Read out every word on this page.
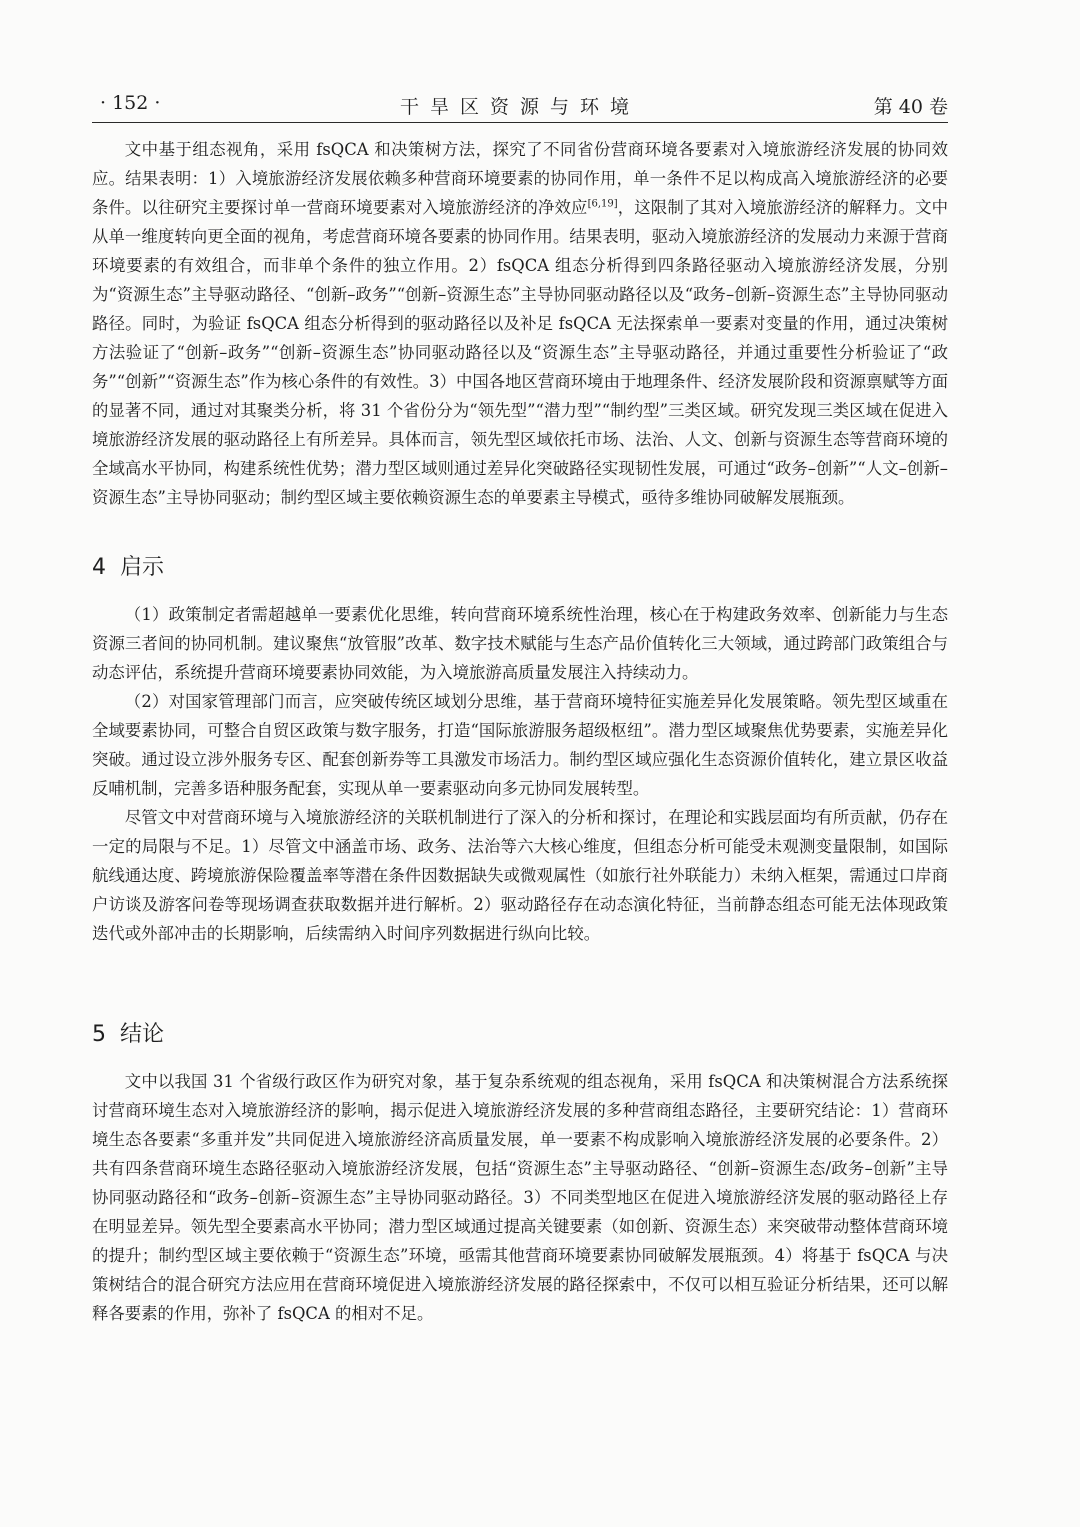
· 152 ·	干旱区资源与环境	第 40 卷

文中基于组态视角，采用 fsQCA 和决策树方法，探究了不同省份营商环境各要素对入境旅游经济发展的协同效应。结果表明：1）入境旅游经济发展依赖多种营商环境要素的协同作用，单一条件不足以构成高入境旅游经济的必要条件。以往研究主要探讨单一营商环境要素对入境旅游经济的净效应[6,19]，这限制了其对入境旅游经济的解释力。文中从单一维度转向更全面的视角，考虑营商环境各要素的协同作用。结果表明，驱动入境旅游经济的发展动力来源于营商环境要素的有效组合，而非单个条件的独立作用。2）fsQCA 组态分析得到四条路径驱动入境旅游经济发展，分别为“资源生态”主导驱动路径、“创新–政务”“创新–资源生态”主导协同驱动路径以及“政务–创新–资源生态”主导协同驱动路径。同时，为验证 fsQCA 组态分析得到的驱动路径以及补足 fsQCA 无法探索单一要素对变量的作用，通过决策树方法验证了“创新–政务”“创新–资源生态”协同驱动路径以及“资源生态”主导驱动路径，并通过重要性分析验证了“政务”“创新”“资源生态”作为核心条件的有效性。3）中国各地区营商环境由于地理条件、经济发展阶段和资源禀赋等方面的显著不同，通过对其聚类分析，将 31 个省份分为“领先型”“潜力型”“制约型”三类区域。研究发现三类区域在促进入境旅游经济发展的驱动路径上有所差异。具体而言，领先型区域依托市场、法治、人文、创新与资源生态等营商环境的全域高水平协同，构建系统性优势；潜力型区域则通过差异化突破路径实现韧性发展，可通过“政务–创新”“人文–创新–资源生态”主导协同驱动；制约型区域主要依赖资源生态的单要素主导模式，亟待多维协同破解发展瓶颈。

4 启示

（1）政策制定者需超越单一要素优化思维，转向营商环境系统性治理，核心在于构建政务效率、创新能力与生态资源三者间的协同机制。建议聚焦“放管服”改革、数字技术赋能与生态产品价值转化三大领域，通过跨部门政策组合与动态评估，系统提升营商环境要素协同效能，为入境旅游高质量发展注入持续动力。

（2）对国家管理部门而言，应突破传统区域划分思维，基于营商环境特征实施差异化发展策略。领先型区域重在全域要素协同，可整合自贸区政策与数字服务，打造“国际旅游服务超级枢纽”。潜力型区域聚焦优势要素，实施差异化突破。通过设立涉外服务专区、配套创新券等工具激发市场活力。制约型区域应强化生态资源价值转化，建立景区收益反哺机制，完善多语种服务配套，实现从单一要素驱动向多元协同发展转型。

尽管文中对营商环境与入境旅游经济的关联机制进行了深入的分析和探讨，在理论和实践层面均有所贡献，仍存在一定的局限与不足。1）尽管文中涵盖市场、政务、法治等六大核心维度，但组态分析可能受未观测变量限制，如国际航线通达度、跨境旅游保险覆盖率等潜在条件因数据缺失或微观属性（如旅行社外联能力）未纳入框架，需通过口岸商户访谈及游客问卷等现场调查获取数据并进行解析。2）驱动路径存在动态演化特征，当前静态组态可能无法体现政策迭代或外部冲击的长期影响，后续需纳入时间序列数据进行纵向比较。

5 结论

文中以我国 31 个省级行政区作为研究对象，基于复杂系统观的组态视角，采用 fsQCA 和决策树混合方法系统探讨营商环境生态对入境旅游经济的影响，揭示促进入境旅游经济发展的多种营商组态路径，主要研究结论：1）营商环境生态各要素“多重并发”共同促进入境旅游经济高质量发展，单一要素不构成影响入境旅游经济发展的必要条件。2）共有四条营商环境生态路径驱动入境旅游经济发展，包括“资源生态”主导驱动路径、“创新–资源生态/政务–创新”主导协同驱动路径和“政务–创新–资源生态”主导协同驱动路径。3）不同类型地区在促进入境旅游经济发展的驱动路径上存在明显差异。领先型全要素高水平协同；潜力型区域通过提高关键要素（如创新、资源生态）来突破带动整体营商环境的提升；制约型区域主要依赖于“资源生态”环境，亟需其他营商环境要素协同破解发展瓶颈。4）将基于 fsQCA 与决策树结合的混合研究方法应用在营商环境促进入境旅游经济发展的路径探索中，不仅可以相互验证分析结果，还可以解释各要素的作用，弥补了 fsQCA 的相对不足。
